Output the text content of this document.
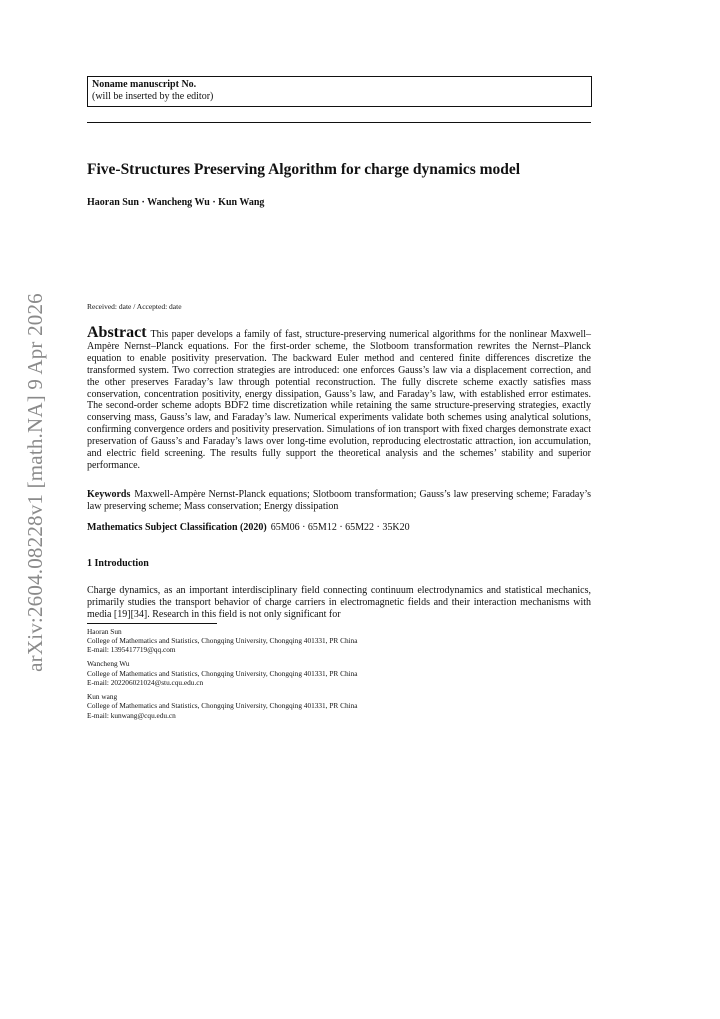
arXiv:2604.08228v1 [math.NA] 9 Apr 2026
Noname manuscript No.
(will be inserted by the editor)
Five-Structures Preserving Algorithm for charge dynamics model
Haoran Sun · Wancheng Wu · Kun Wang
Received: date / Accepted: date
Abstract This paper develops a family of fast, structure-preserving numerical algorithms for the nonlinear Maxwell–Ampère Nernst–Planck equations. For the first-order scheme, the Slotboom transformation rewrites the Nernst–Planck equation to enable positivity preservation. The backward Euler method and centered finite differences discretize the transformed system. Two correction strategies are introduced: one enforces Gauss’s law via a displacement correction, and the other preserves Faraday’s law through potential reconstruction. The fully discrete scheme exactly satisfies mass conservation, concentration positivity, energy dissipation, Gauss’s law, and Faraday’s law, with established error estimates. The second-order scheme adopts BDF2 time discretization while retaining the same structure-preserving strategies, exactly conserving mass, Gauss’s law, and Faraday’s law. Numerical experiments validate both schemes using analytical solutions, confirming convergence orders and positivity preservation. Simulations of ion transport with fixed charges demonstrate exact preservation of Gauss’s and Faraday’s laws over long-time evolution, reproducing electrostatic attraction, ion accumulation, and electric field screening. The results fully support the theoretical analysis and the schemes’ stability and superior performance.
Keywords Maxwell-Ampère Nernst-Planck equations; Slotboom transformation; Gauss’s law preserving scheme; Faraday’s law preserving scheme; Mass conservation; Energy dissipation
Mathematics Subject Classification (2020) 65M06 · 65M12 · 65M22 · 35K20
1 Introduction
Charge dynamics, as an important interdisciplinary field connecting continuum electrodynamics and statistical mechanics, primarily studies the transport behavior of charge carriers in electromagnetic fields and their interaction mechanisms with media [19][34]. Research in this field is not only significant for
Haoran Sun
College of Mathematics and Statistics, Chongqing University, Chongqing 401331, PR China
E-mail: 1395417719@qq.com
Wancheng Wu
College of Mathematics and Statistics, Chongqing University, Chongqing 401331, PR China
E-mail: 202206021024@stu.cqu.edu.cn
Kun wang
College of Mathematics and Statistics, Chongqing University, Chongqing 401331, PR China
E-mail: kunwang@cqu.edu.cn
